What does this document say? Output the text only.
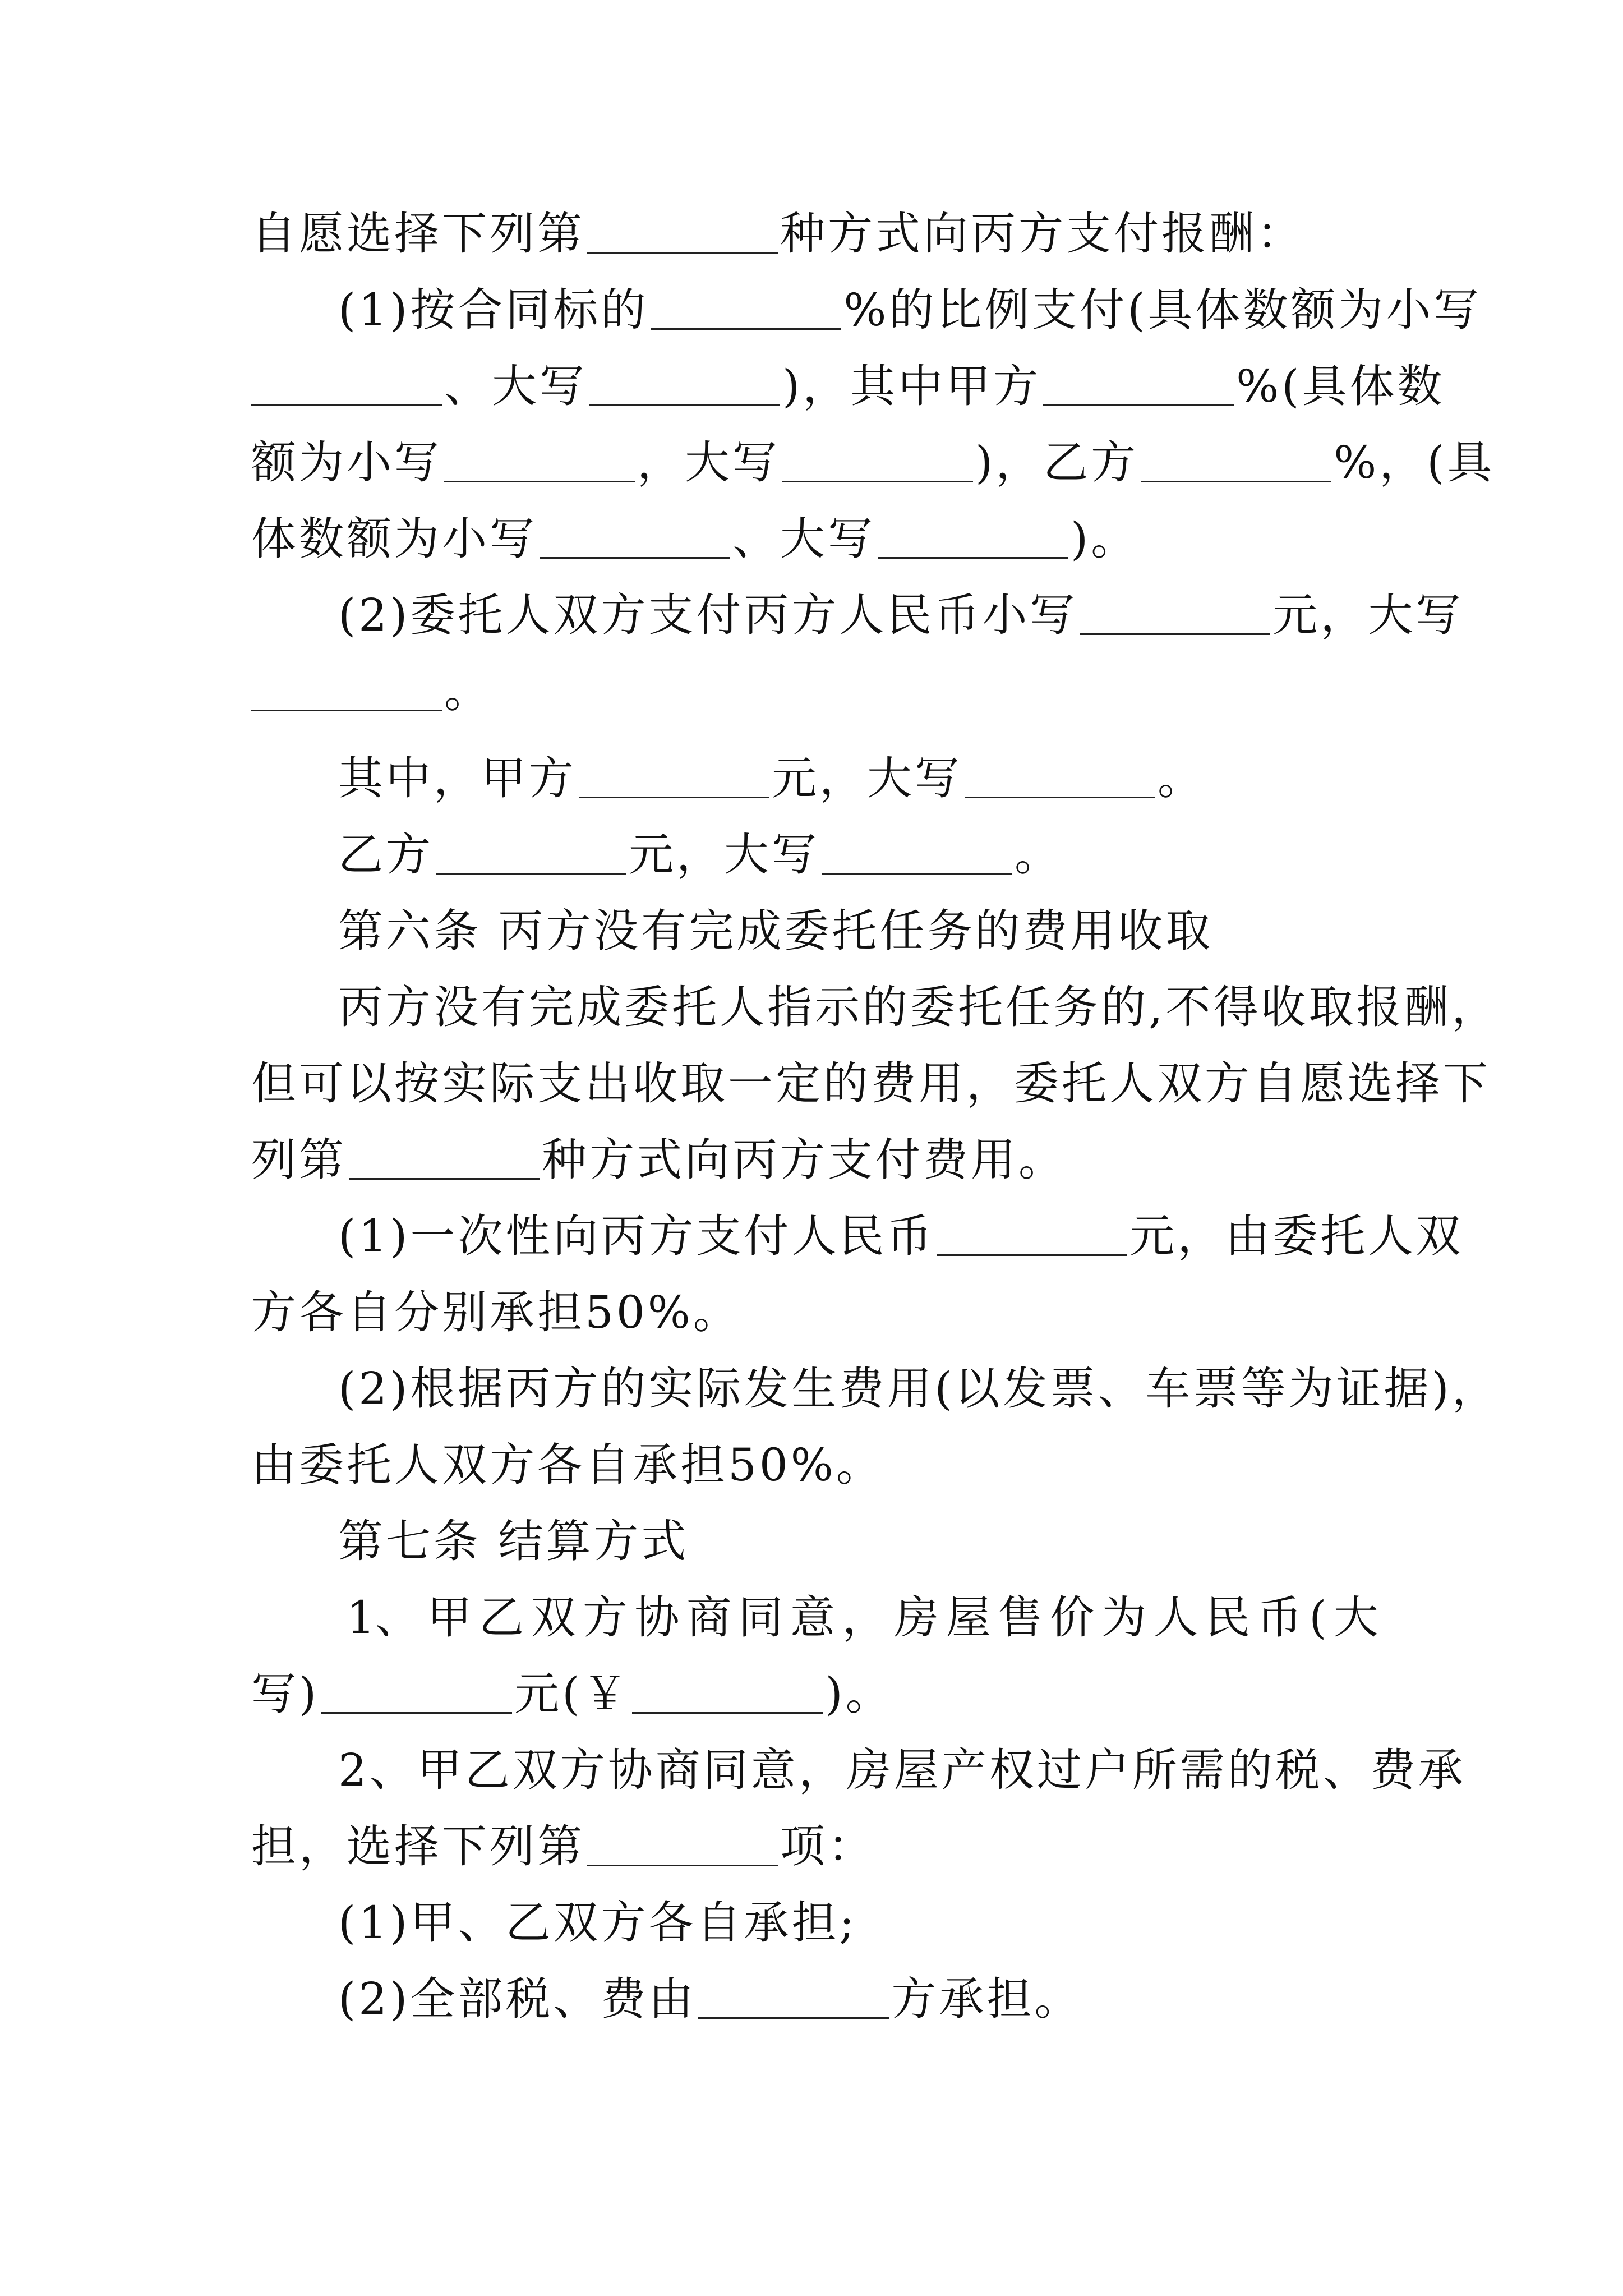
自愿选择下列第	种方式向丙方支付报酬：
(1)按合同标的	%的比例支付(具体数额为小写
、大写	)，其中甲方	%(具体数
额为小写	，大写	)，乙方	%，(具
体数额为小写	、大写	)。
(2)委托人双方支付丙方人民币小写	元，大写
。
其中，甲方	元，大写	。
乙方	元，大写	。
第六条 丙方没有完成委托任务的费用收取
丙方没有完成委托人指示的委托任务的,不得收取报酬，
但可以按实际支出收取一定的费用，委托人双方自愿选择下
列第	种方式向丙方支付费用。
(1)一次性向丙方支付人民币	元，由委托人双
方各自分别承担50%。
(2)根据丙方的实际发生费用(以发票、车票等为证据)，
由委托人双方各自承担50%。
第七条 结算方式
1、 甲 乙 双 方 协 商 同 意 ， 房 屋 售 价 为 人 民 币 ( 大
写)	元(￥	)。
2、甲乙双方协商同意，房屋产权过户所需的税、费承
担，选择下列第	项：
(1)甲、乙双方各自承担;
(2)全部税、费由	方承担。
